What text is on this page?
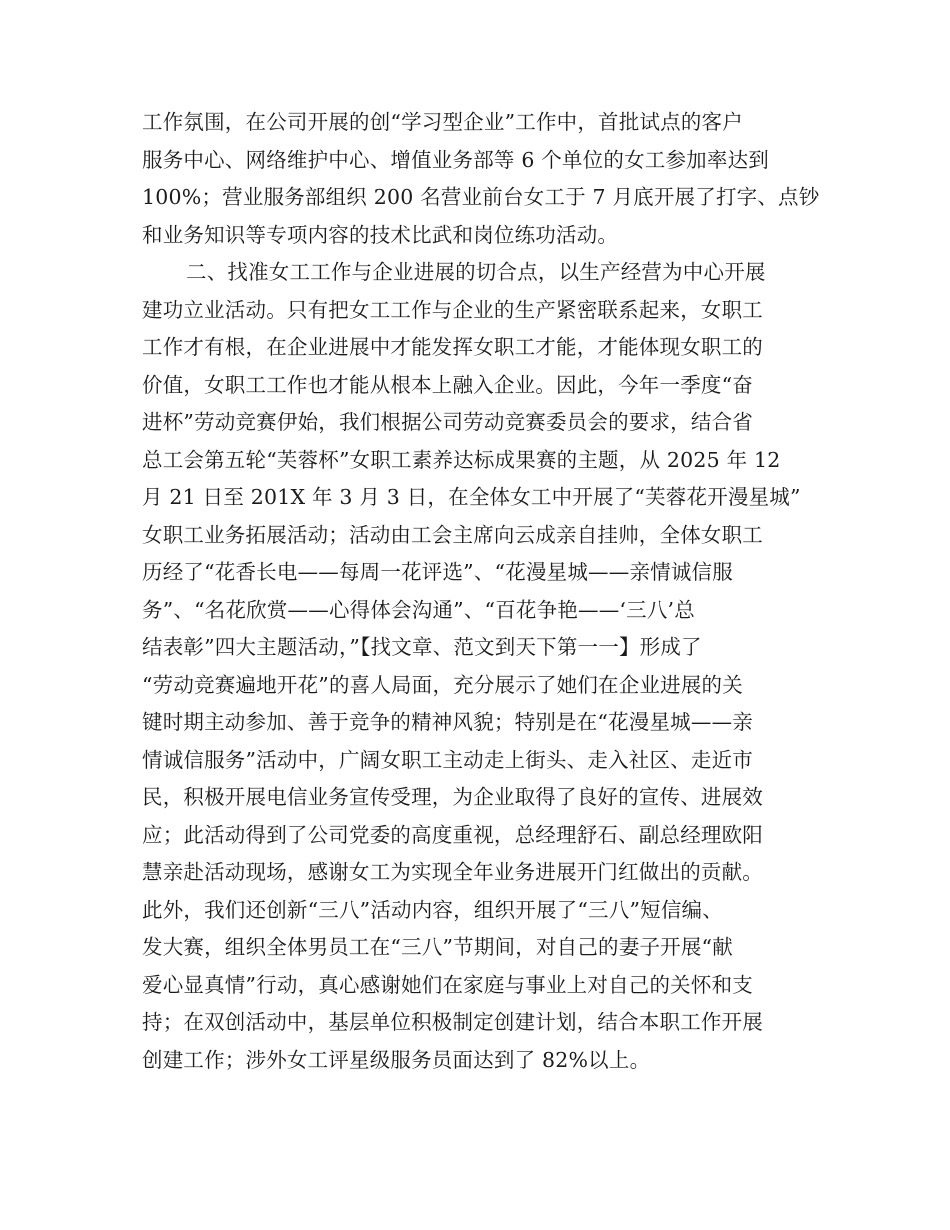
工作氛围，在公司开展的创“学习型企业”工作中，首批试点的客户
服务中心、网络维护中心、增值业务部等 6 个单位的女工参加率达到
100%；营业服务部组织 200 名营业前台女工于 7 月底开展了打字、点钞
和业务知识等专项内容的技术比武和岗位练功活动。
二、找准女工工作与企业进展的切合点，以生产经营为中心开展
建功立业活动。只有把女工工作与企业的生产紧密联系起来，女职工
工作才有根，在企业进展中才能发挥女职工才能，才能体现女职工的
价值，女职工工作也才能从根本上融入企业。因此，今年一季度“奋
进杯”劳动竞赛伊始，我们根据公司劳动竞赛委员会的要求，结合省
总工会第五轮“芙蓉杯”女职工素养达标成果赛的主题，从 2025 年 12
月 21 日至 201X 年 3 月 3 日，在全体女工中开展了“芙蓉花开漫星城”
女职工业务拓展活动；活动由工会主席向云成亲自挂帅，全体女职工
历经了“花香长电——每周一花评选”、“花漫星城——亲情诚信服
务”、“名花欣赏——心得体会沟通”、“百花争艳——‘三八’总
结表彰”四大主题活动，”【找文章、范文到天下第一一】形成了
“劳动竞赛遍地开花”的喜人局面，充分展示了她们在企业进展的关
键时期主动参加、善于竞争的精神风貌；特别是在“花漫星城——亲
情诚信服务”活动中，广阔女职工主动走上街头、走入社区、走近市
民，积极开展电信业务宣传受理，为企业取得了良好的宣传、进展效
应；此活动得到了公司党委的高度重视，总经理舒石、副总经理欧阳
慧亲赴活动现场，感谢女工为实现全年业务进展开门红做出的贡献。
此外，我们还创新“三八”活动内容，组织开展了“三八”短信编、
发大赛，组织全体男员工在“三八”节期间，对自己的妻子开展“献
爱心显真情”行动，真心感谢她们在家庭与事业上对自己的关怀和支
持；在双创活动中，基层单位积极制定创建计划，结合本职工作开展
创建工作；涉外女工评星级服务员面达到了 82%以上。
